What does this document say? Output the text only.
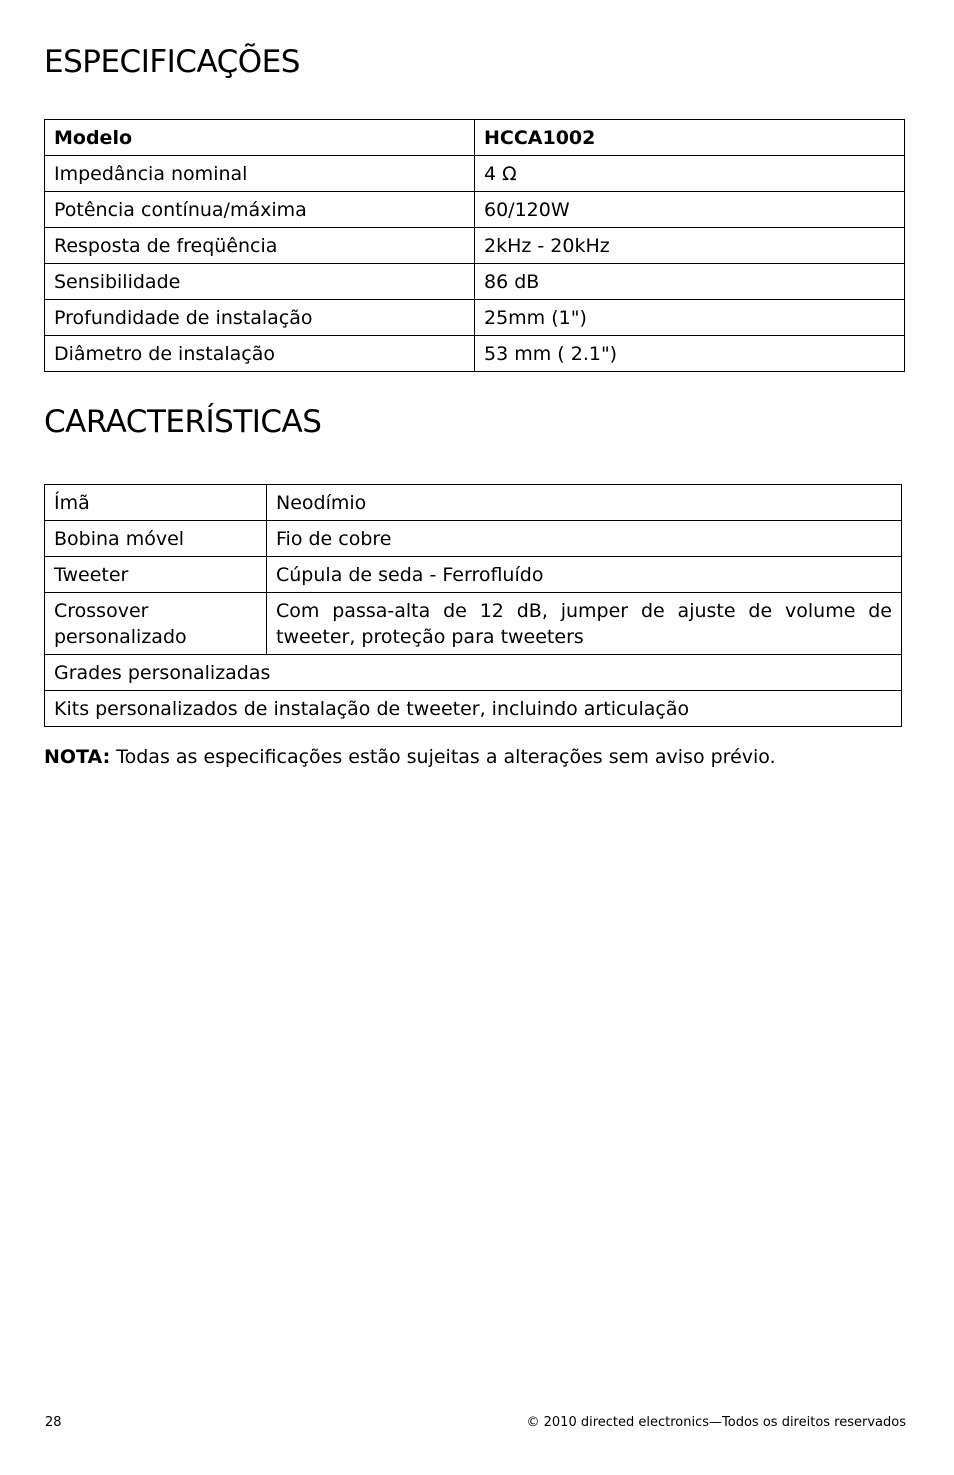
ESPECIFICAÇÕES
Modelo	HCCA1002
Impedância nominal	4 Ω
Potência contínua/máxima	60/120W
Resposta de freqüência	2kHz - 20kHz
Sensibilidade	86 dB
Profundidade de instalação	25mm (1")
Diâmetro de instalação	53 mm ( 2.1")
CARACTERÍSTICAS
Ímã	Neodímio
Bobina móvel	Fio de cobre
Tweeter	Cúpula de seda - Ferrofluído
Crossover personalizado	Com passa-alta de 12 dB, jumper de ajuste de volume de tweeter, proteção para tweeters
Grades personalizadas	
Kits personalizados de instalação de tweeter, incluindo articulação	

NOTA: Todas as especificações estão sujeitas a alterações sem aviso prévio.

28	© 2010 directed electronics—Todos os direitos reservados
